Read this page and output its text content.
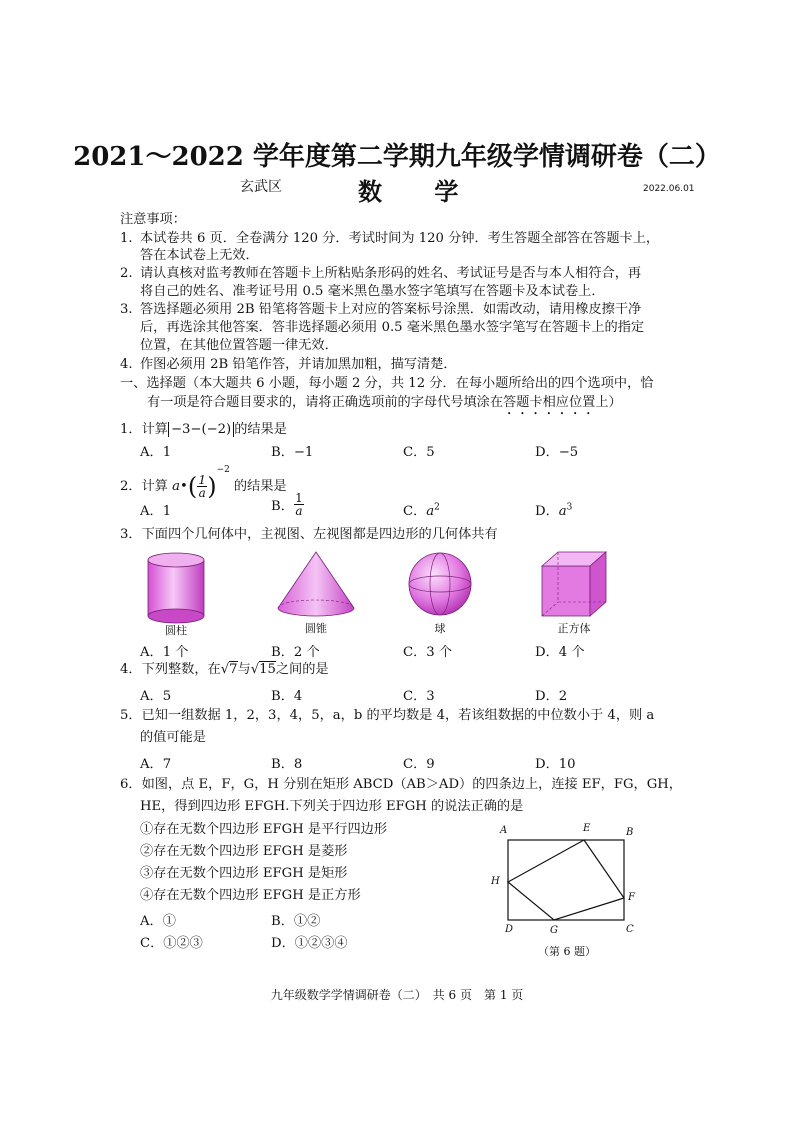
2021～2022 学年度第二学期九年级学情调研卷（二）
玄武区	数 学	2022.06.01
注意事项：
1. 本试卷共 6 页．全卷满分 120 分．考试时间为 120 分钟．考生答题全部答在答题卡上，
答在本试卷上无效．
2. 请认真核对监考教师在答题卡上所粘贴条形码的姓名、考试证号是否与本人相符合，再
将自己的姓名、准考证号用 0.5 毫米黑色墨水签字笔填写在答题卡及本试卷上．
3. 答选择题必须用 2B 铅笔将答题卡上对应的答案标号涂黑．如需改动，请用橡皮擦干净
后，再选涂其他答案．答非选择题必须用 0.5 毫米黑色墨水签字笔写在答题卡上的指定
位置，在其他位置答题一律无效．
4. 作图必须用 2B 铅笔作答，并请加黑加粗，描写清楚．
一、选择题（本大题共 6 小题，每小题 2 分，共 12 分．在每小题所给出的四个选项中，恰
有一项是符合题目要求的，请将正确选项前的字母代号填涂在答题卡相应位置上）
1．计算 −3−(−2) 的结果是
A．1	B．−1	C．5	D．−5
2．计算 a•( $\frac{1}{a} )^{-2}$的结果是
A．1	B． $\frac{1}{a}$	C．$a^2$	D．$a^3$
3．下面四个几何体中，主视图、左视图都是四边形的几何体共有
圆柱	圆锥	球	正方体
A．1 个	B．2 个	C．3 个	D．4 个
4．下列整数，在√7与√15之间的是
A．5	B．4	C．3	D．2
5．已知一组数据 1，2，3，4，5，a，b 的平均数是 4，若该组数据的中位数小于 4，则 a
的值可能是
A．7	B．8	C．9	D．10
6．如图，点 E，F，G，H 分别在矩形 ABCD（AB＞AD）的四条边上，连接 EF，FG，GH，
HE，得到四边形 EFGH.下列关于四边形 EFGH 的说法正确的是
①存在无数个四边形 EFGH 是平行四边形
②存在无数个四边形 EFGH 是菱形
③存在无数个四边形 EFGH 是矩形
④存在无数个四边形 EFGH 是正方形
A．①	B．①②
C．①②③	D．①②③④
A	E	B
H
F
D	G	C
（第 6 题）
九年级数学学情调研卷（二）　共 6 页　第 1 页
